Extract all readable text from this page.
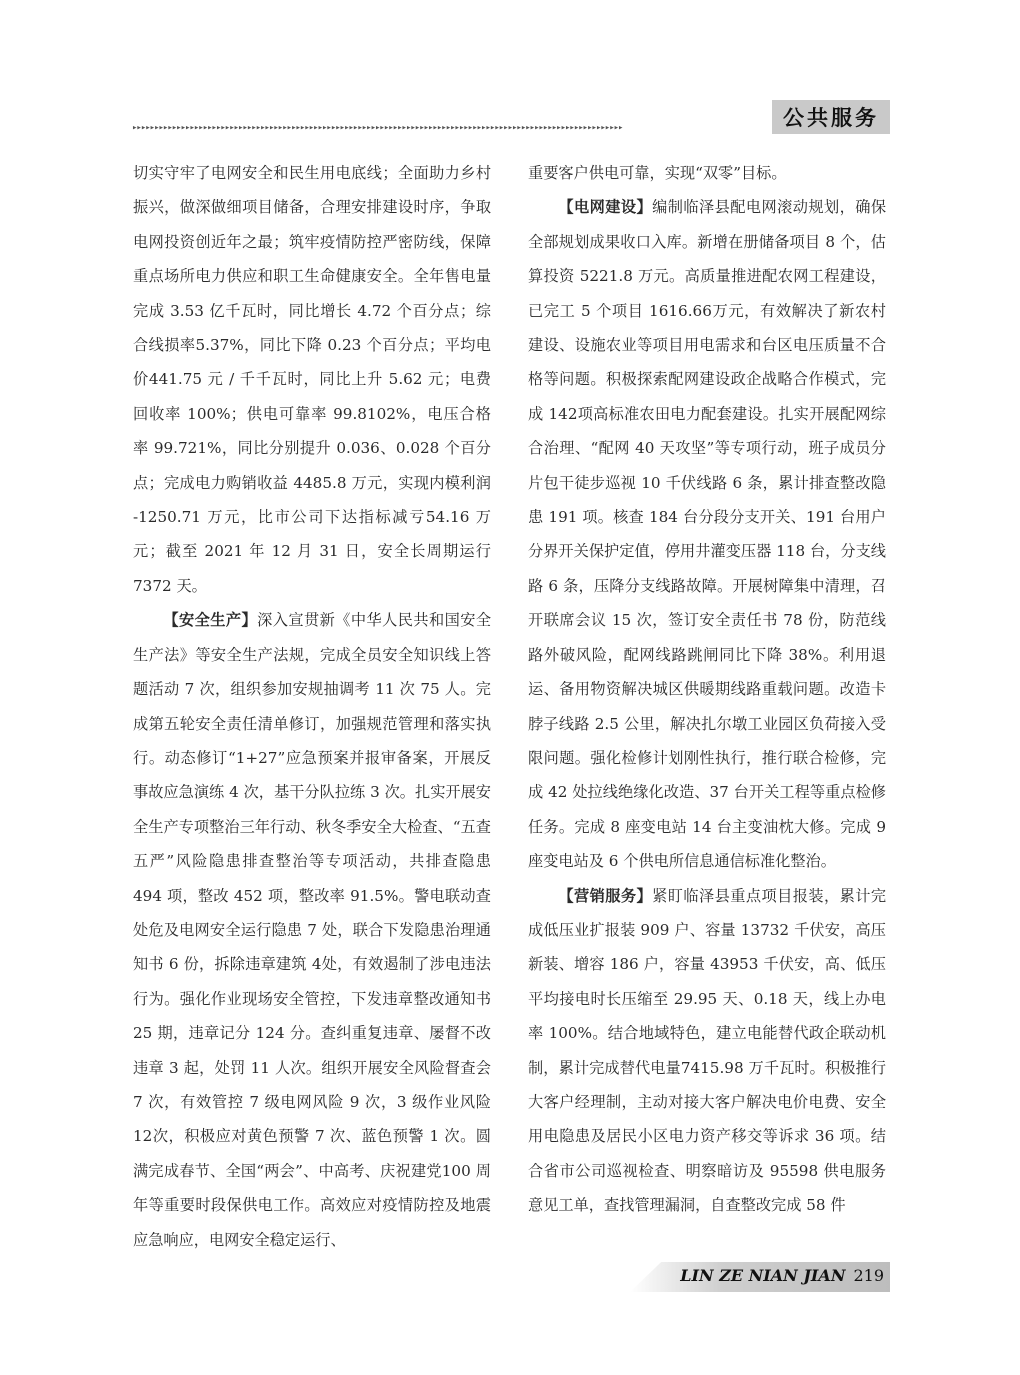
▸▸▸▸▸▸▸▸▸▸▸▸▸▸▸▸▸▸▸▸▸▸▸▸▸▸▸▸▸▸▸▸▸▸▸▸▸▸▸▸▸▸▸▸▸▸▸▸▸▸▸▸▸▸▸▸▸▸▸▸▸▸▸▸▸▸▸▸▸▸▸▸▸▸▸▸▸▸▸▸▸▸▸▸▸▸▸▸▸▸▸▸▸▸▸▸▸▸▸▸▸▸▸▸▸▸▸▸▸▸▸	公共服务

切实守牢了电网安全和民生用电底线；全面助力乡村振兴，做深做细项目储备，合理安排建设时序，争取电网投资创近年之最；筑牢疫情防控严密防线，保障重点场所电力供应和职工生命健康安全。全年售电量完成 3.53 亿千瓦时，同比增长 4.72 个百分点；综合线损率5.37%，同比下降 0.23 个百分点；平均电价441.75 元 / 千千瓦时，同比上升 5.62 元；电费回收率 100%；供电可靠率 99.8102%，电压合格率 99.721%，同比分别提升 0.036、0.028 个百分点；完成电力购销收益 4485.8 万元，实现内模利润 -1250.71 万元，比市公司下达指标减亏54.16 万元；截至 2021 年 12 月 31 日，安全长周期运行 7372 天。

【安全生产】深入宣贯新《中华人民共和国安全生产法》等安全生产法规，完成全员安全知识线上答题活动 7 次，组织参加安规抽调考 11 次 75 人。完成第五轮安全责任清单修订，加强规范管理和落实执行。动态修订“1+27”应急预案并报审备案，开展反事故应急演练 4 次，基干分队拉练 3 次。扎实开展安全生产专项整治三年行动、秋冬季安全大检查、“五查五严”风险隐患排查整治等专项活动，共排查隐患 494 项，整改 452 项，整改率 91.5%。警电联动查处危及电网安全运行隐患 7 处，联合下发隐患治理通知书 6 份，拆除违章建筑 4处，有效遏制了涉电违法行为。强化作业现场安全管控，下发违章整改通知书 25 期，违章记分 124 分。查纠重复违章、屡督不改违章 3 起，处罚 11 人次。组织开展安全风险督查会 7 次，有效管控 7 级电网风险 9 次，3 级作业风险 12次，积极应对黄色预警 7 次、蓝色预警 1 次。圆满完成春节、全国“两会”、中高考、庆祝建党100 周年等重要时段保供电工作。高效应对疫情防控及地震应急响应，电网安全稳定运行、

重要客户供电可靠，实现“双零”目标。

【电网建设】编制临泽县配电网滚动规划，确保全部规划成果收口入库。新增在册储备项目 8 个，估算投资 5221.8 万元。高质量推进配农网工程建设，已完工 5 个项目 1616.66万元，有效解决了新农村建设、设施农业等项目用电需求和台区电压质量不合格等问题。积极探索配网建设政企战略合作模式，完成 142项高标准农田电力配套建设。扎实开展配网综合治理、“配网 40 天攻坚”等专项行动，班子成员分片包干徒步巡视 10 千伏线路 6 条，累计排查整改隐患 191 项。核查 184 台分段分支开关、191 台用户分界开关保护定值，停用井灌变压器 118 台，分支线路 6 条，压降分支线路故障。开展树障集中清理，召开联席会议 15 次，签订安全责任书 78 份，防范线路外破风险，配网线路跳闸同比下降 38%。利用退运、备用物资解决城区供暖期线路重载问题。改造卡脖子线路 2.5 公里，解决扎尔墩工业园区负荷接入受限问题。强化检修计划刚性执行，推行联合检修，完成 42 处拉线绝缘化改造、37 台开关工程等重点检修任务。完成 8 座变电站 14 台主变油枕大修。完成 9 座变电站及 6 个供电所信息通信标准化整治。

【营销服务】紧盯临泽县重点项目报装，累计完成低压业扩报装 909 户、容量 13732 千伏安，高压新装、增容 186 户，容量 43953 千伏安，高、低压平均接电时长压缩至 29.95 天、0.18 天，线上办电率 100%。结合地域特色，建立电能替代政企联动机制，累计完成替代电量7415.98 万千瓦时。积极推行大客户经理制，主动对接大客户解决电价电费、安全用电隐患及居民小区电力资产移交等诉求 36 项。结合省市公司巡视检查、明察暗访及 95598 供电服务意见工单，查找管理漏洞，自查整改完成 58 件

LIN ZE NIAN JIAN 219
